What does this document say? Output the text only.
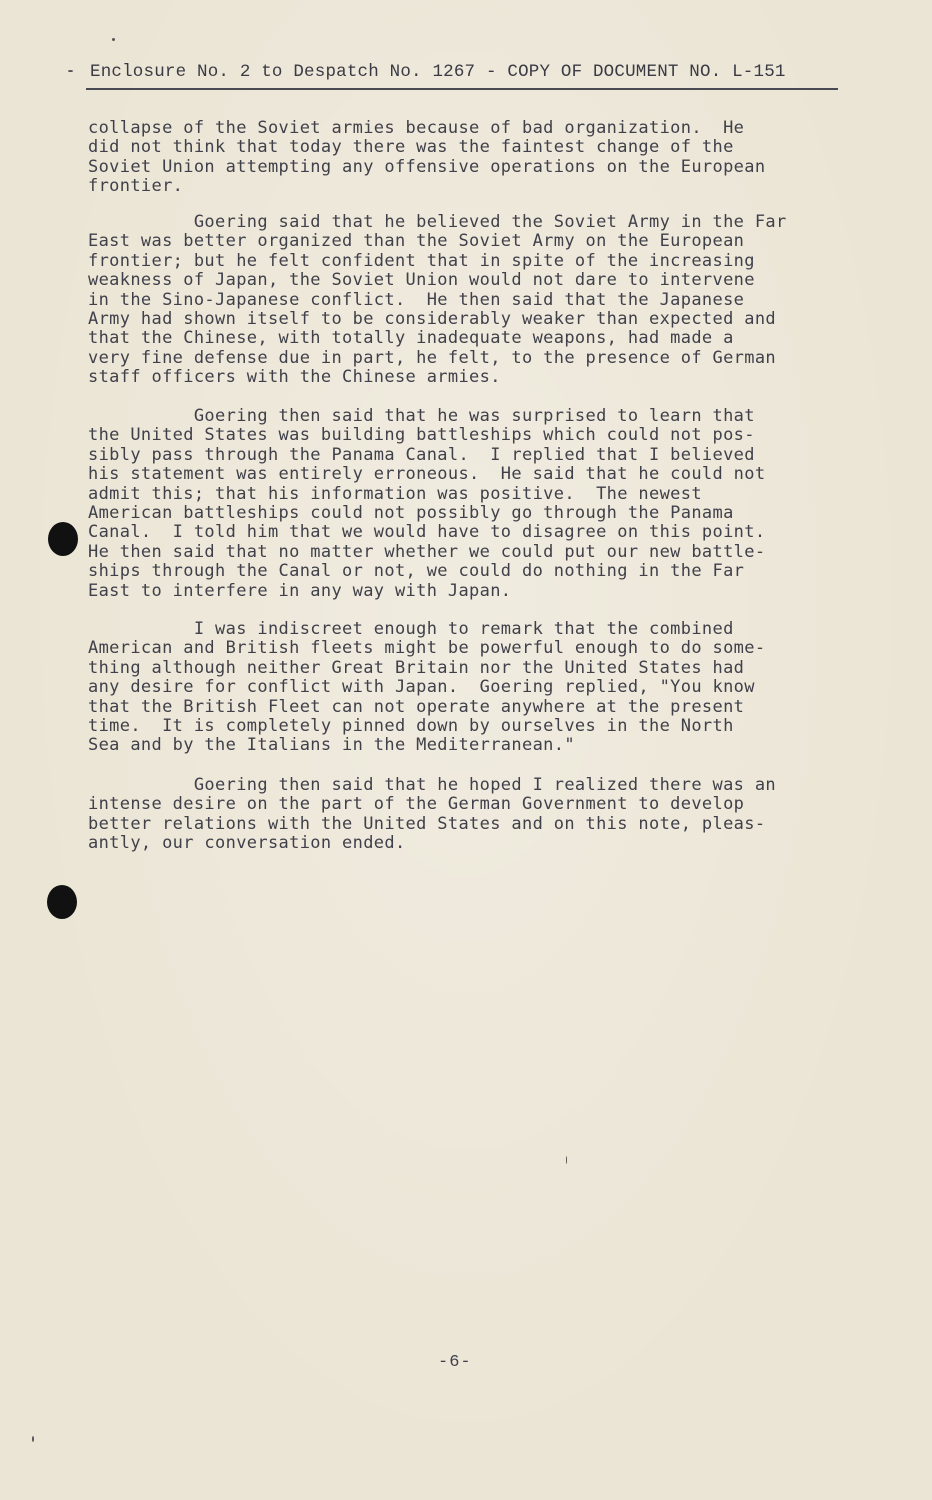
Enclosure No. 2 to Despatch No. 1267 - COPY OF DOCUMENT NO. L-151
collapse of the Soviet armies because of bad organization.  He
did not think that today there was the faintest change of the
Soviet Union attempting any offensive operations on the European
frontier.
Goering said that he believed the Soviet Army in the Far
East was better organized than the Soviet Army on the European
frontier; but he felt confident that in spite of the increasing
weakness of Japan, the Soviet Union would not dare to intervene
in the Sino-Japanese conflict.  He then said that the Japanese
Army had shown itself to be considerably weaker than expected and
that the Chinese, with totally inadequate weapons, had made a
very fine defense due in part, he felt, to the presence of German
staff officers with the Chinese armies.
Goering then said that he was surprised to learn that
the United States was building battleships which could not pos-
sibly pass through the Panama Canal.  I replied that I believed
his statement was entirely erroneous.  He said that he could not
admit this; that his information was positive.  The newest
American battleships could not possibly go through the Panama
Canal.  I told him that we would have to disagree on this point.
He then said that no matter whether we could put our new battle-
ships through the Canal or not, we could do nothing in the Far
East to interfere in any way with Japan.
I was indiscreet enough to remark that the combined
American and British fleets might be powerful enough to do some-
thing although neither Great Britain nor the United States had
any desire for conflict with Japan.  Goering replied, "You know
that the British Fleet can not operate anywhere at the present
time.  It is completely pinned down by ourselves in the North
Sea and by the Italians in the Mediterranean."
Goering then said that he hoped I realized there was an
intense desire on the part of the German Government to develop
better relations with the United States and on this note, pleas-
antly, our conversation ended.
-6-
